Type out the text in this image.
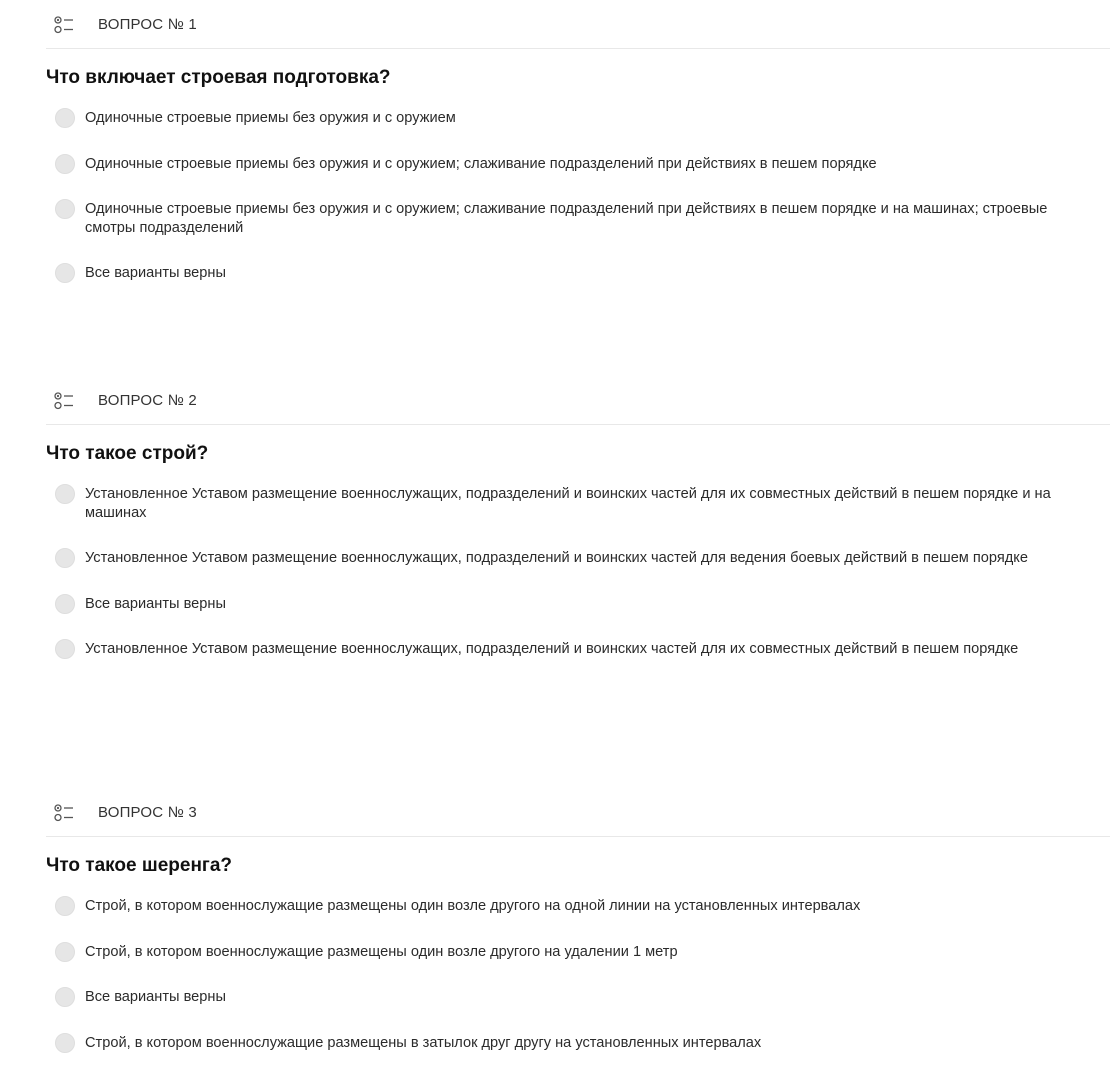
ВОПРОС № 1
Что включает строевая подготовка?
Одиночные строевые приемы без оружия и с оружием
Одиночные строевые приемы без оружия и с оружием; слаживание подразделений при действиях в пешем порядке
Одиночные строевые приемы без оружия и с оружием; слаживание подразделений при действиях в пешем порядке и на машинах; строевые смотры подразделений
Все варианты верны
ВОПРОС № 2
Что такое строй?
Установленное Уставом размещение военнослужащих, подразделений и воинских частей для их совместных действий в пешем порядке и на машинах
Установленное Уставом размещение военнослужащих, подразделений и воинских частей для ведения боевых действий в пешем порядке
Все варианты верны
Установленное Уставом размещение военнослужащих, подразделений и воинских частей для их совместных действий в пешем порядке
ВОПРОС № 3
Что такое шеренга?
Строй, в котором военнослужащие размещены один возле другого на одной линии на установленных интервалах
Строй, в котором военнослужащие размещены один возле другого на удалении 1 метр
Все варианты верны
Строй, в котором военнослужащие размещены в затылок друг другу на установленных интервалах
